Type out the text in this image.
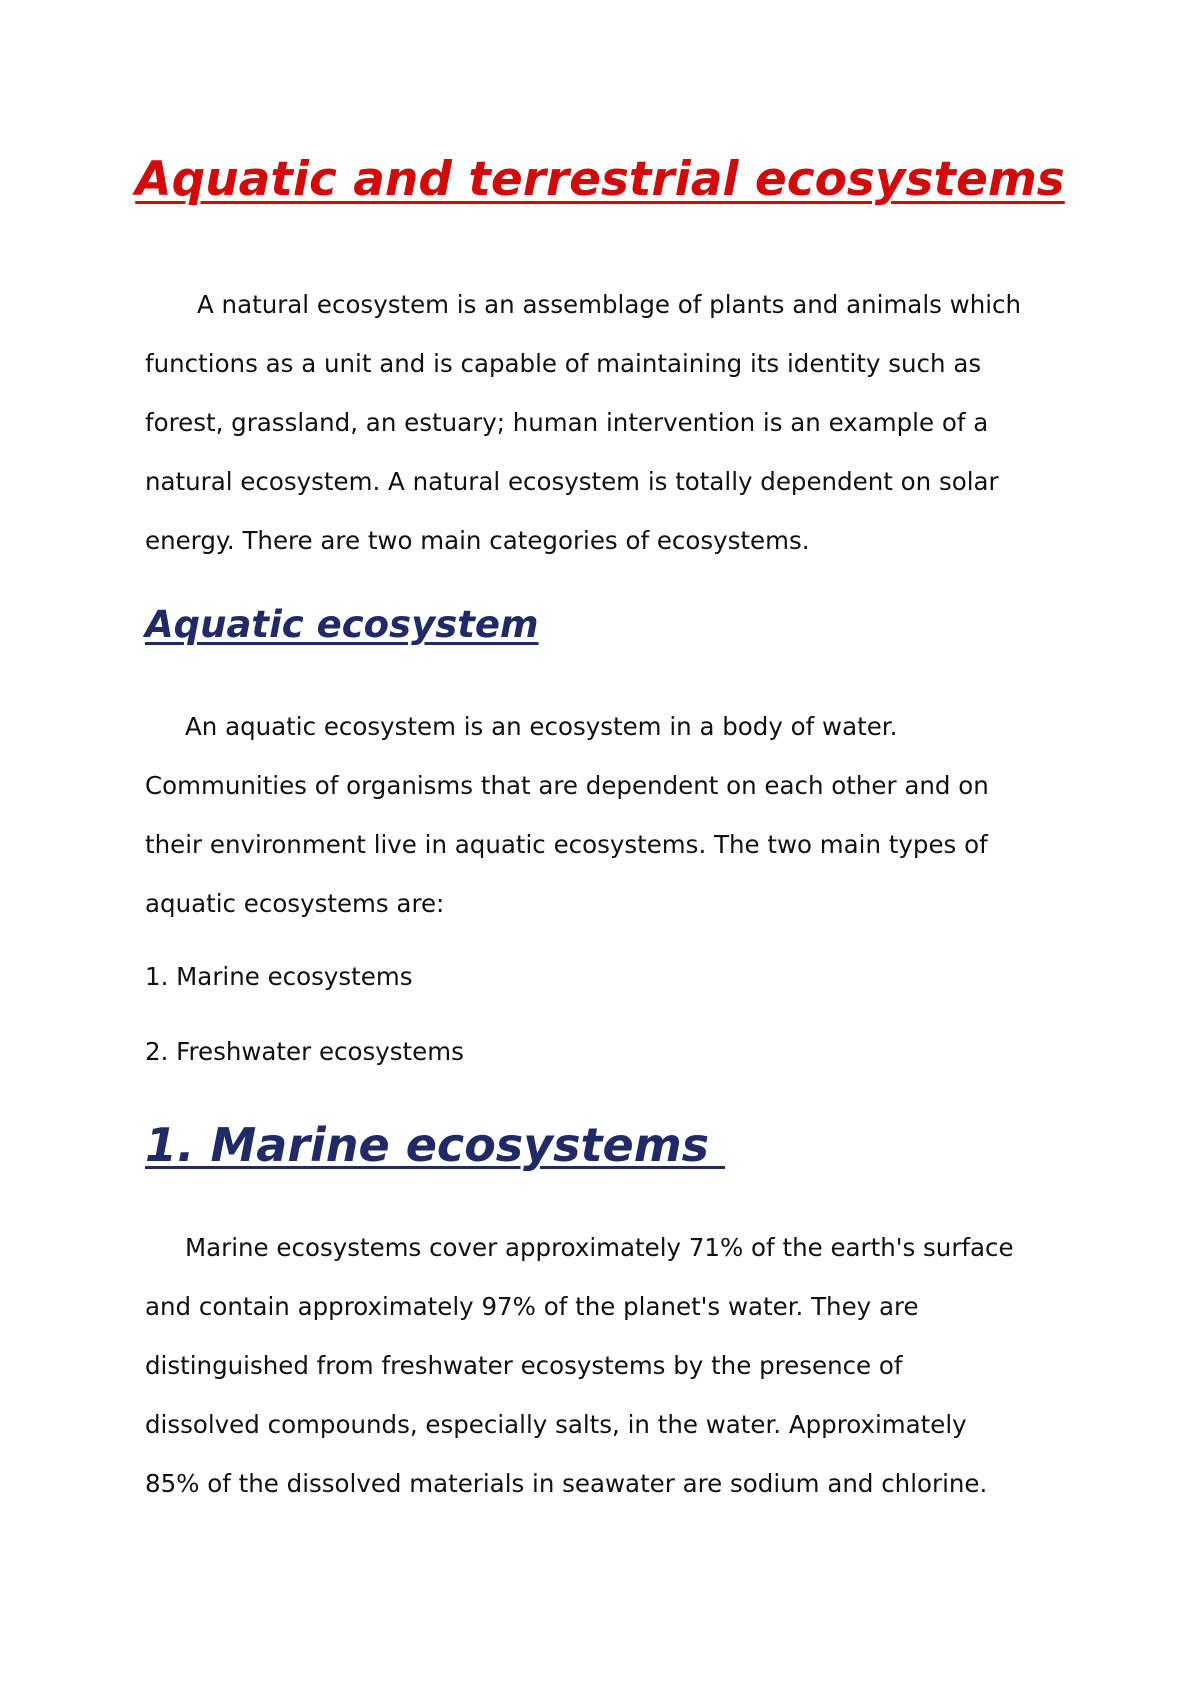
Aquatic and terrestrial ecosystems

A natural ecosystem is an assemblage of plants and animals which
functions as a unit and is capable of maintaining its identity such as
forest, grassland, an estuary; human intervention is an example of a
natural ecosystem. A natural ecosystem is totally dependent on solar
energy. There are two main categories of ecosystems.

Aquatic ecosystem

An aquatic ecosystem is an ecosystem in a body of water.
Communities of organisms that are dependent on each other and on
their environment live in aquatic ecosystems. The two main types of
aquatic ecosystems are:

1. Marine ecosystems

2. Freshwater ecosystems

1. Marine ecosystems

Marine ecosystems cover approximately 71% of the earth's surface
and contain approximately 97% of the planet's water. They are
distinguished from freshwater ecosystems by the presence of
dissolved compounds, especially salts, in the water. Approximately
85% of the dissolved materials in seawater are sodium and chlorine.
